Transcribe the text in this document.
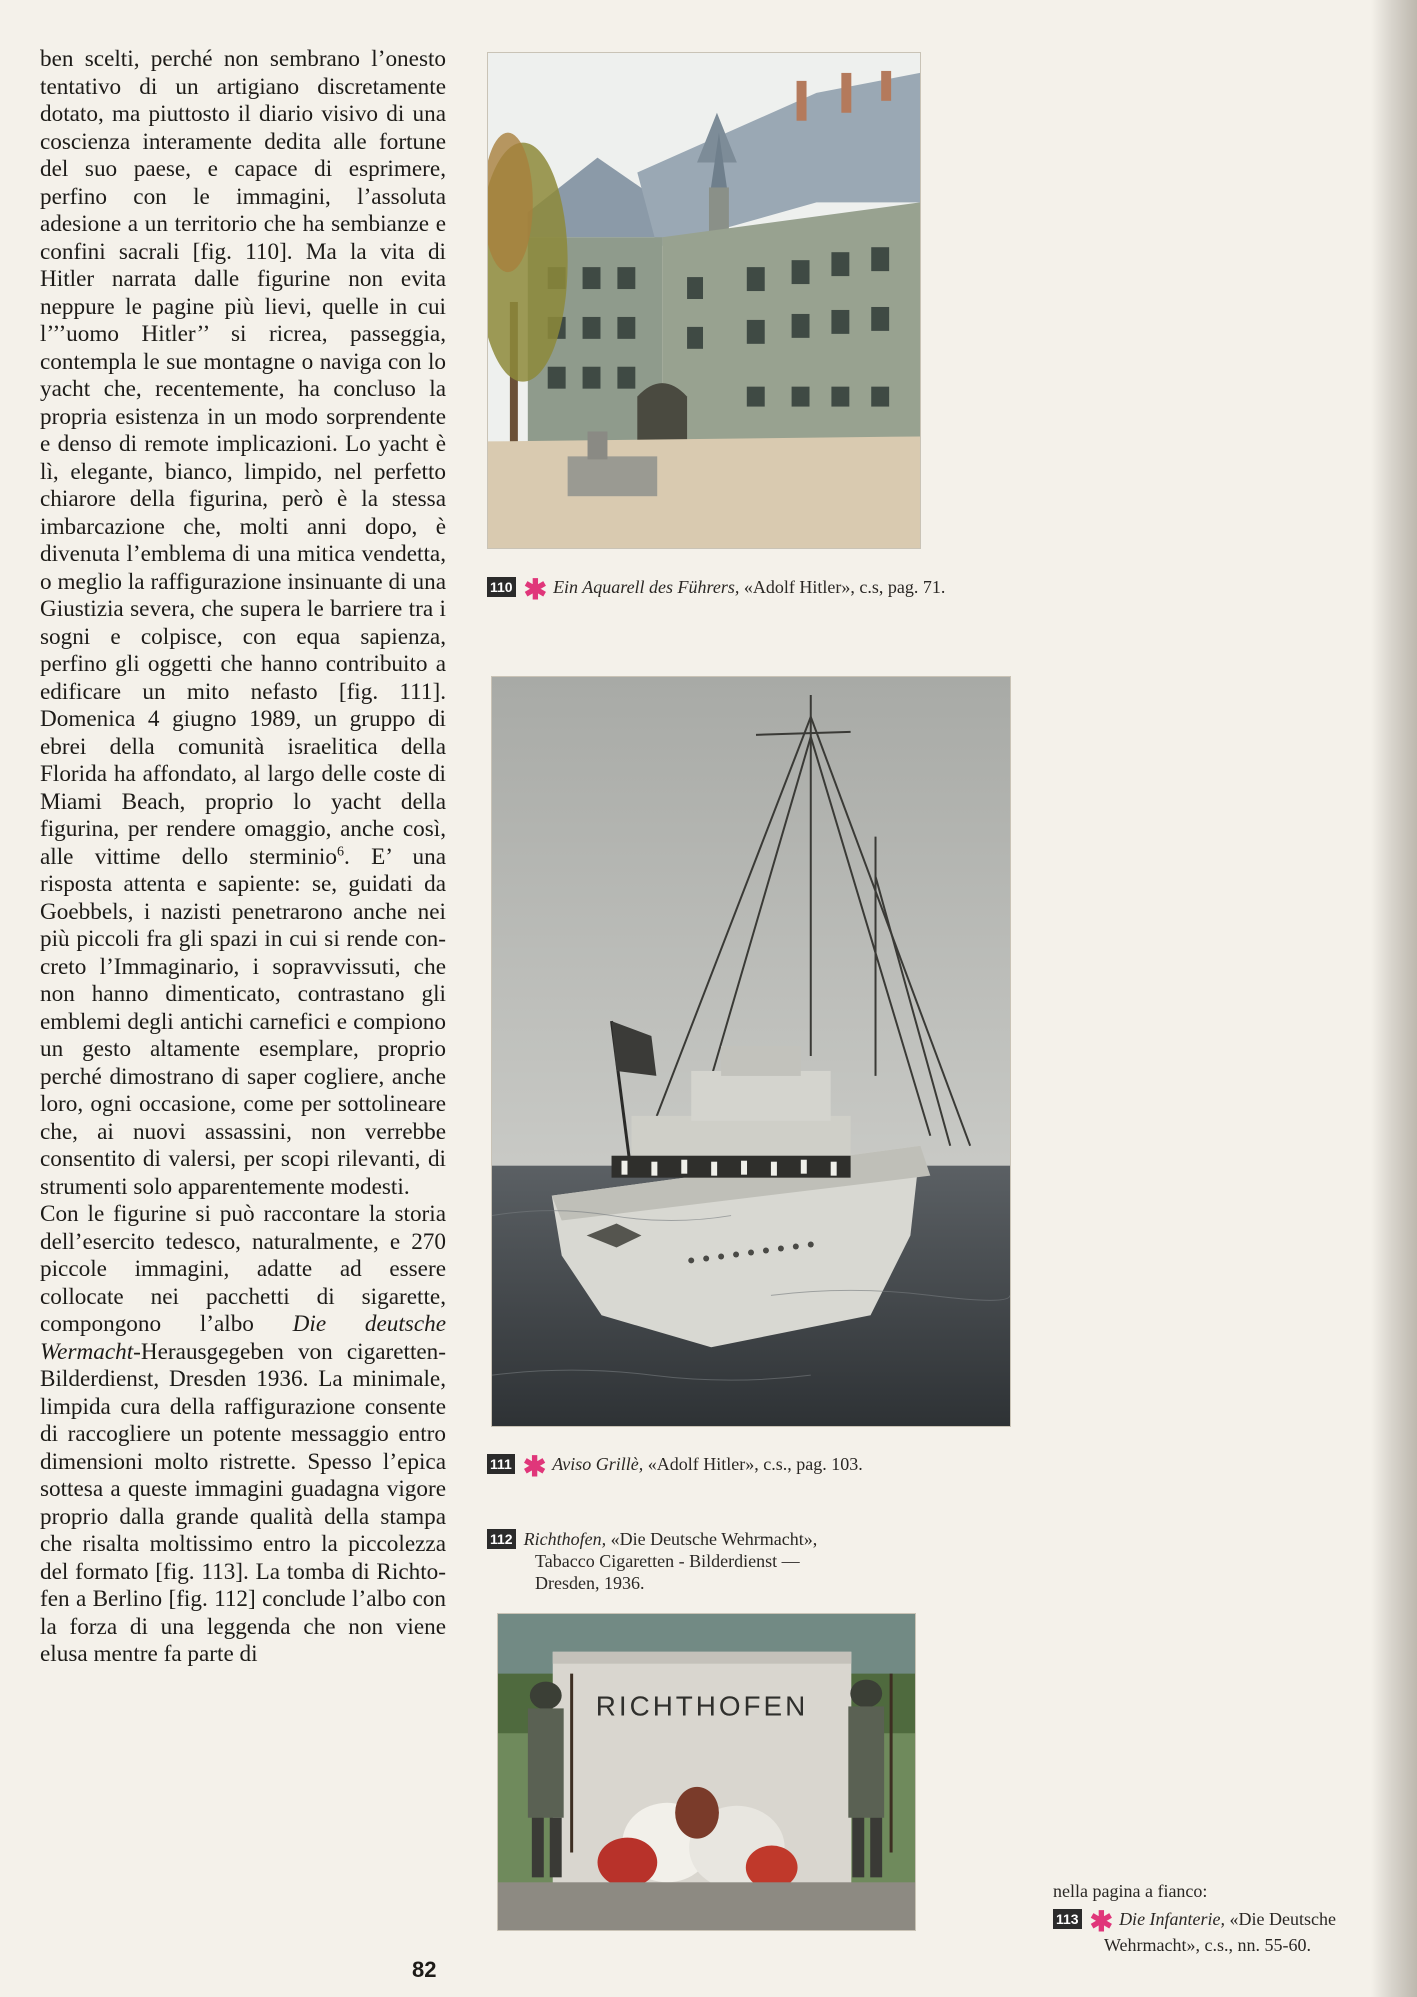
ben scelti, perché non sembrano l’onesto tentativo di un artigiano discretamente dotato, ma piuttosto il diario visivo di una coscienza interamente dedita alle fortune del suo paese, e capace di esprimere, perfino con le immagini, l’assoluta adesione a un territorio che ha sembianze e confini sacrali [fig. 110]. Ma la vita di Hitler narrata dalle figurine non evita neppure le pagine più lievi, quelle in cui l’’’uomo Hitler’’ si ricrea, passeggia, contempla le sue montagne o naviga con lo yacht che, recentemente, ha concluso la propria esistenza in un modo sorprendente e denso di remote implicazioni. Lo yacht è lì, elegante, bianco, limpido, nel perfetto chiarore della figurina, però è la stessa imbarcazione che, molti anni dopo, è divenuta l’emblema di una mitica vendetta, o meglio la raffigurazione insinuante di una Giustizia severa, che supera le barriere tra i sogni e colpisce, con equa sapienza, perfino gli oggetti che hanno contribuito a edificare un mito nefasto [fig. 111]. Domenica 4 giugno 1989, un gruppo di ebrei della comunità israelitica della Florida ha affondato, al largo delle coste di Miami Beach, proprio lo yacht della figurina, per rendere omaggio, anche così, alle vittime dello sterminio$^6$. E’ una risposta attenta e sapiente: se, guidati da Goebbels, i nazisti penetrarono anche nei più piccoli fra gli spazi in cui si rende concreto l’Immaginario, i sopravvissuti, che non hanno dimenticato, contrastano gli emblemi degli antichi carnefici e compiono un gesto altamente esemplare, proprio perché dimostrano di saper cogliere, anche loro, ogni occasione, come per sottolineare che, ai nuovi assassini, non verrebbe consentito di valersi, per scopi rilevanti, di strumenti solo apparentemente modesti.

Con le figurine si può raccontare la storia dell’esercito tedesco, naturalmente, e 270 piccole immagini, adatte ad essere collocate nei pacchetti di sigarette, compongono l’albo Die deutsche Wermacht-Herausgegeben von cigaretten-Bilderdienst, Dresden 1936. La minimale, limpida cura della raffigurazione consente di raccogliere un potente messaggio entro dimensioni molto ristrette. Spesso l’epica sottesa a queste immagini guadagna vigore proprio dalla grande qualità della stampa che risalta moltissimo entro la piccolezza del formato [fig. 113]. La tomba di Richtofen a Berlino [fig. 112] conclude l’albo con la forza di una leggenda che non viene elusa mentre fa parte di

82
110 ✱ Ein Aquarell des Führers, «Adolf Hitler», c.s, pag. 71.
111 ✱ Aviso Grillè, «Adolf Hitler», c.s., pag. 103.
112 Richthofen, «Die Deutsche Wehrmacht»,
Tabacco Cigaretten - Bilderdienst —
Dresden, 1936.
RICHTHOFEN
nella pagina a fianco:
113 ✱ Die Infanterie, «Die Deutsche
Wehrmacht», c.s., nn. 55-60.
